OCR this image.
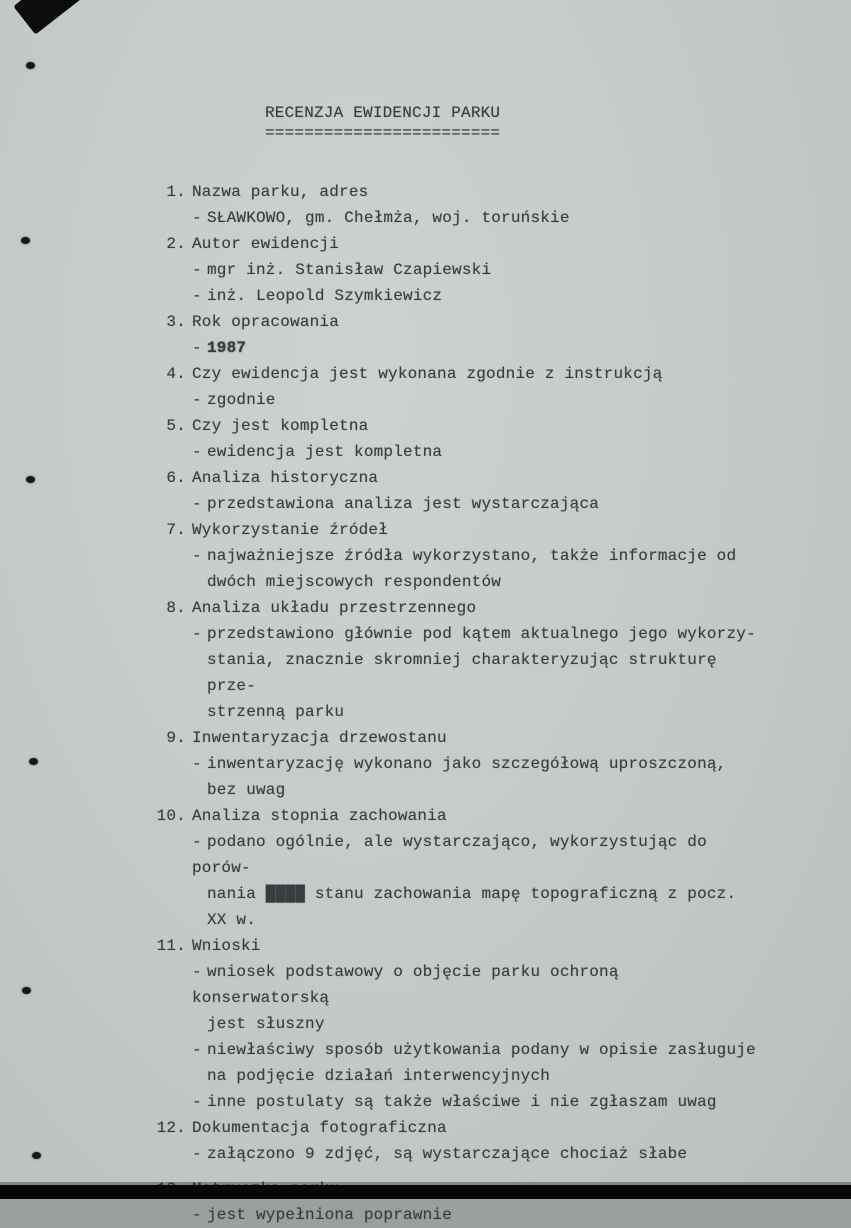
RECENZJA EWIDENCJI PARKU
========================
1. Nazwa parku, adres
- SŁAWKOWO, gm. Chełmża, woj. toruńskie
2. Autor ewidencji
- mgr inż. Stanisław Czapiewski
- inż. Leopold Szymkiewicz
3. Rok opracowania
- 1987
4. Czy ewidencja jest wykonana zgodnie z instrukcją
- zgodnie
5. Czy jest kompletna
- ewidencja jest kompletna
6. Analiza historyczna
- przedstawiona analiza jest wystarczająca
7. Wykorzystanie źródeł
- najważniejsze źródła wykorzystano, także informacje od
dwóch miejscowych respondentów
8. Analiza układu przestrzennego
- przedstawiono głównie pod kątem aktualnego jego wykorzy-
stania, znacznie skromniej charakteryzując strukturę prze-
strzenną parku
9. Inwentaryzacja drzewostanu
- inwentaryzację wykonano jako szczegółową uproszczoną,
bez uwag
10. Analiza stopnia zachowania
- podano ogólnie, ale wystarczająco, wykorzystując do porów-
nania ████ stanu zachowania mapę topograficzną z pocz. XX w.
11. Wnioski
- wniosek podstawowy o objęcie parku ochroną konserwatorską
jest słuszny
- niewłaściwy sposób użytkowania podany w opisie zasługuje
na podjęcie działań interwencyjnych
- inne postulaty są także właściwe i nie zgłaszam uwag
12. Dokumentacja fotograficzna
- załączono 9 zdjęć, są wystarczające chociaż słabe
- jest wypełniona poprawnie
